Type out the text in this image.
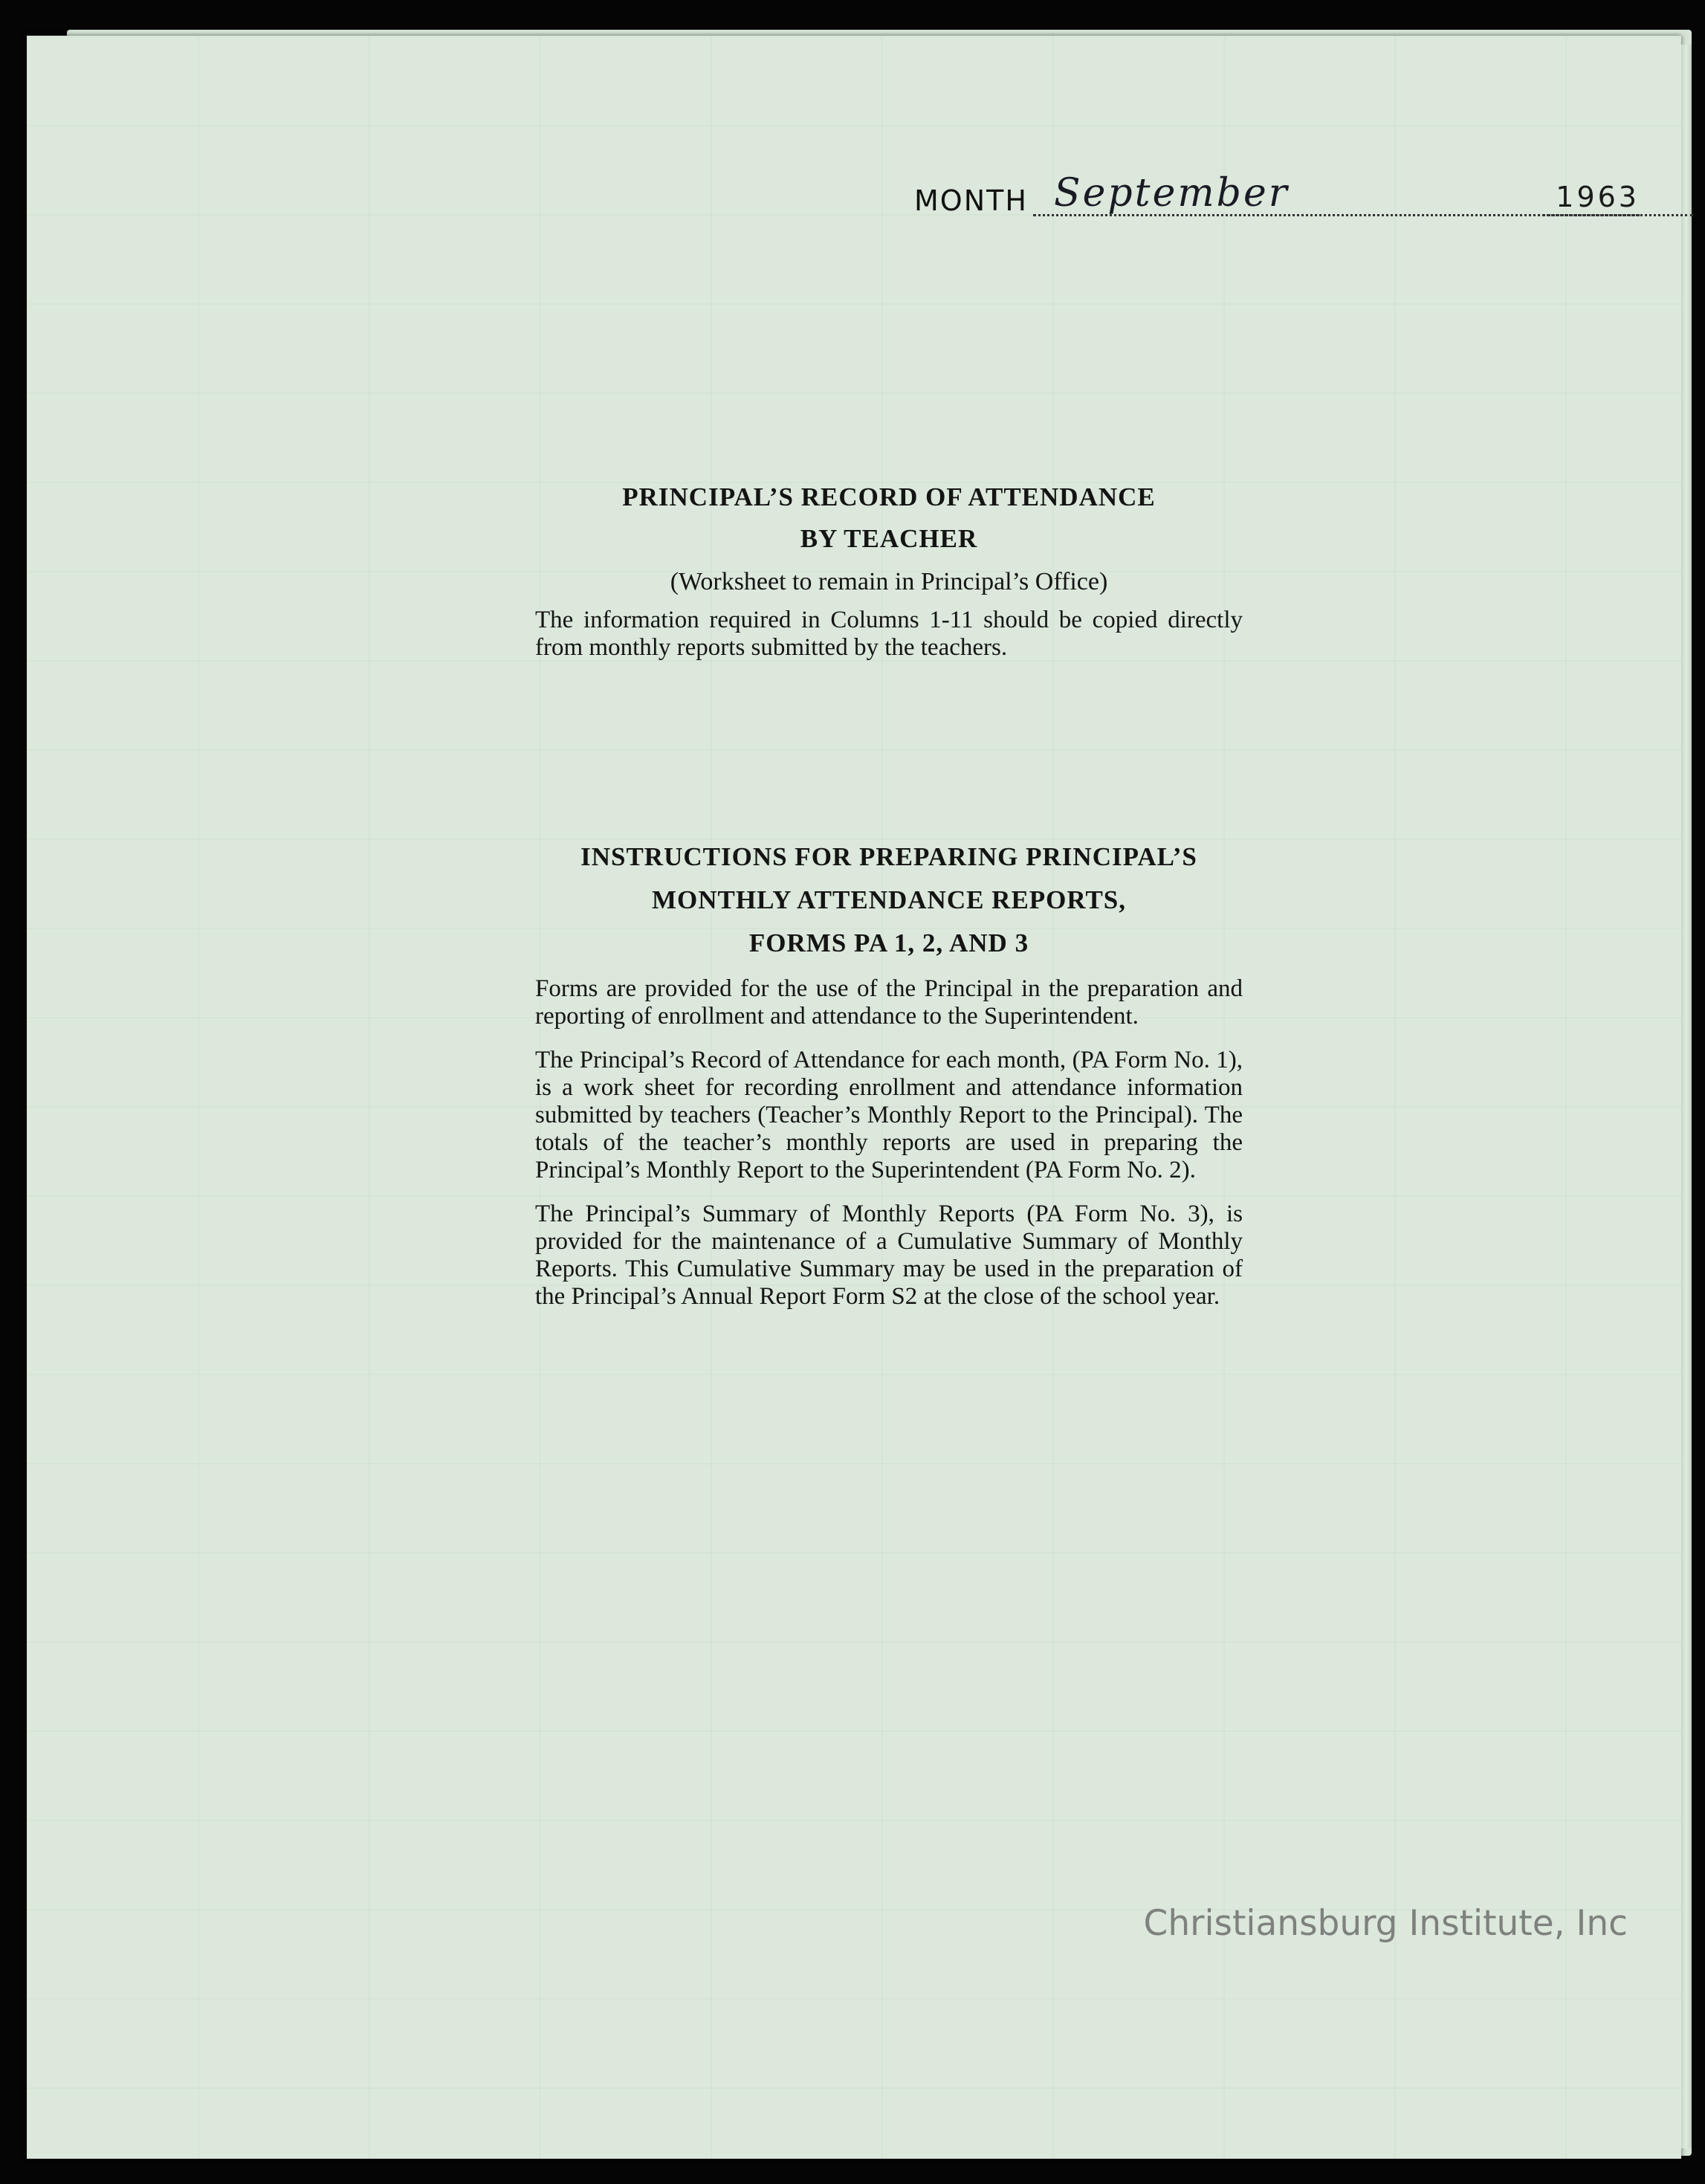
MONTH September	1963

PRINCIPAL’S RECORD OF ATTENDANCE

BY TEACHER

(Worksheet to remain in Principal’s Office)

The information required in Columns 1-11 should be copied directly from monthly reports submitted by the teachers.

INSTRUCTIONS FOR PREPARING PRINCIPAL’S

MONTHLY ATTENDANCE REPORTS,

FORMS PA 1, 2, AND 3

Forms are provided for the use of the Principal in the preparation and reporting of enrollment and attendance to the Superintendent.

The Principal’s Record of Attendance for each month, (PA Form No. 1), is a work sheet for recording enrollment and attendance information submitted by teachers (Teacher’s Monthly Report to the Principal). The totals of the teacher’s monthly reports are used in preparing the Principal’s Monthly Report to the Superintendent (PA Form No. 2).

The Principal’s Summary of Monthly Reports (PA Form No. 3), is provided for the maintenance of a Cumulative Summary of Monthly Reports. This Cumulative Summary may be used in the preparation of the Principal’s Annual Report Form S2 at the close of the school year.

Christiansburg Institute, Inc
